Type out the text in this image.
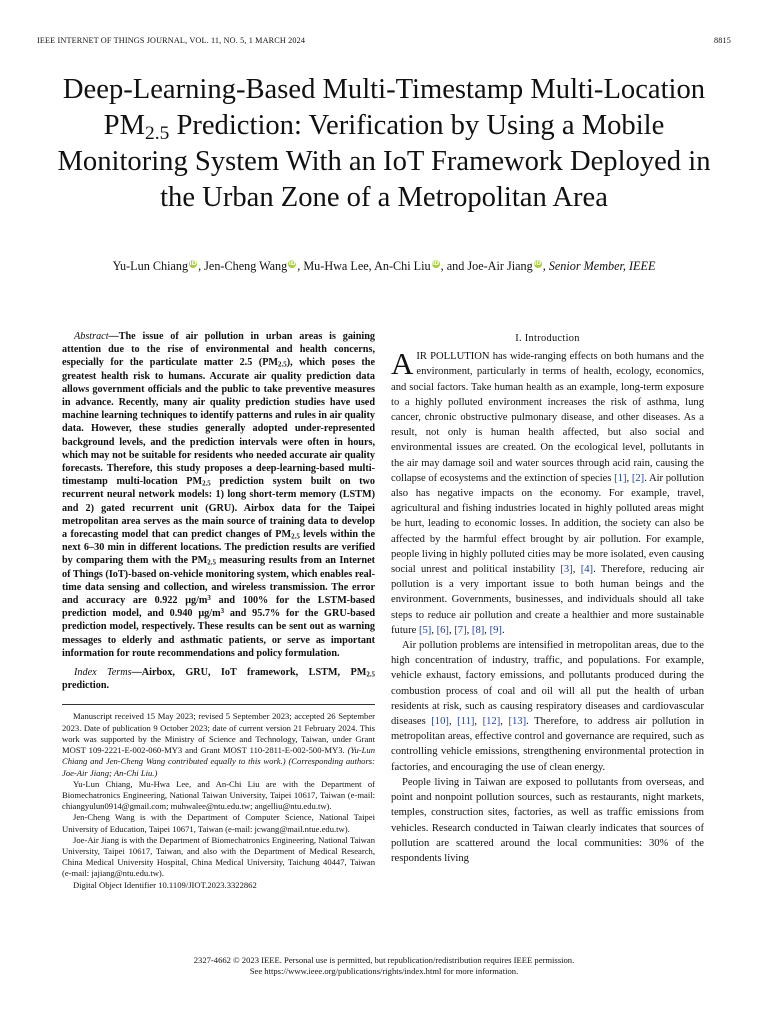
IEEE INTERNET OF THINGS JOURNAL, VOL. 11, NO. 5, 1 MARCH 2024	8815
Deep-Learning-Based Multi-Timestamp Multi-Location $PM_{2.5}$ Prediction: Verification by Using a Mobile Monitoring System With an IoT Framework Deployed in the Urban Zone of a Metropolitan Area
Yu-Lun ChiangiD, Jen-Cheng WangiD, Mu-Hwa Lee, An-Chi LiuiD, and Joe-Air JiangiD, Senior Member, IEEE

Abstract—The issue of air pollution in urban areas is gaining attention due to the rise of environmental and health concerns, especially for the particulate matter 2.5 $(PM_{2.5})$, which poses the greatest health risk to humans. Accurate air quality prediction data allows government officials and the public to take preventive measures in advance. Recently, many air quality prediction studies have used machine learning techniques to identify patterns and rules in air quality data. However, these studies generally adopted under-represented background levels, and the prediction intervals were often in hours, which may not be suitable for residents who needed accurate air quality forecasts. Therefore, this study proposes a deep-learning-based multi-timestamp multi-location $PM_{2.5}$ prediction system built on two recurrent neural network models: 1) long short-term memory (LSTM) and 2) gated recurrent unit (GRU). Airbox data for the Taipei metropolitan area serves as the main source of training data to develop a forecasting model that can predict changes of $PM_{2.5}$ levels within the next 6–30 min in different locations. The prediction results are verified by comparing them with the $PM_{2.5}$ measuring results from an Internet of Things (IoT)-based on-vehicle monitoring system, which enables real-time data sensing and collection, and wireless transmission. The error and accuracy are 0.922 $\mu g/m^3$ and 100% for the LSTM-based prediction model, and 0.940 $\mu g/m^3$ and 95.7% for the GRU-based prediction model, respectively. These results can be sent out as warning messages to elderly and asthmatic patients, or serve as important information for route recommendations and policy formulation.

Index Terms—Airbox, GRU, IoT framework, LSTM, $PM_{2.5}$ prediction.

Manuscript received 15 May 2023; revised 5 September 2023; accepted 26 September 2023. Date of publication 9 October 2023; date of current version 21 February 2024. This work was supported by the Ministry of Science and Technology, Taiwan, under Grant MOST 109-2221-E-002-060-MY3 and Grant MOST 110-2811-E-002-500-MY3. (Yu-Lun Chiang and Jen-Cheng Wang contributed equally to this work.) (Corresponding authors: Joe-Air Jiang; An-Chi Liu.)

Yu-Lun Chiang, Mu-Hwa Lee, and An-Chi Liu are with the Department of Biomechatronics Engineering, National Taiwan University, Taipei 10617, Taiwan (e-mail: chiangyulun0914@gmail.com; muhwalee@ntu.edu.tw; angelliu@ntu.edu.tw).

Jen-Cheng Wang is with the Department of Computer Science, National Taipei University of Education, Taipei 10671, Taiwan (e-mail: jcwang@mail.ntue.edu.tw).

Joe-Air Jiang is with the Department of Biomechatronics Engineering, National Taiwan University, Taipei 10617, Taiwan, and also with the Department of Medical Research, China Medical University Hospital, China Medical University, Taichung 40447, Taiwan (e-mail: jajiang@ntu.edu.tw).

Digital Object Identifier 10.1109/JIOT.2023.3322862

I. Introduction

AIR POLLUTION has wide-ranging effects on both humans and the environment, particularly in terms of health, ecology, economics, and social factors. Take human health as an example, long-term exposure to a highly polluted environment increases the risk of asthma, lung cancer, chronic obstructive pulmonary disease, and other diseases. As a result, not only is human health affected, but also social and environmental issues are created. On the ecological level, pollutants in the air may damage soil and water sources through acid rain, causing the collapse of ecosystems and the extinction of species [1], [2]. Air pollution also has negative impacts on the economy. For example, travel, agricultural and fishing industries located in highly polluted areas might be hurt, leading to economic losses. In addition, the society can also be affected by the harmful effect brought by air pollution. For example, people living in highly polluted cities may be more isolated, even causing social unrest and political instability [3], [4]. Therefore, reducing air pollution is a very important issue to both human beings and the environment. Governments, businesses, and individuals should all take steps to reduce air pollution and create a healthier and more sustainable future [5], [6], [7], [8], [9].

Air pollution problems are intensified in metropolitan areas, due to the high concentration of industry, traffic, and populations. For example, vehicle exhaust, factory emissions, and pollutants produced during the combustion process of coal and oil will all put the health of urban residents at risk, such as causing respiratory diseases and cardiovascular diseases [10], [11], [12], [13]. Therefore, to address air pollution in metropolitan areas, effective control and governance are required, such as controlling vehicle emissions, strengthening environmental protection in factories, and encouraging the use of clean energy.

People living in Taiwan are exposed to pollutants from overseas, and point and nonpoint pollution sources, such as restaurants, night markets, temples, construction sites, factories, as well as traffic emissions from vehicles. Research conducted in Taiwan clearly indicates that sources of pollution are scattered around the local communities: 30% of the respondents living

2327-4662 © 2023 IEEE. Personal use is permitted, but republication/redistribution requires IEEE permission.
See https://www.ieee.org/publications/rights/index.html for more information.
